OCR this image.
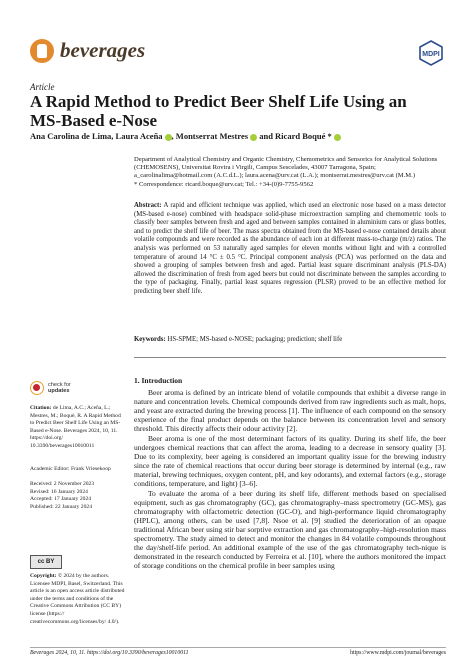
beverages	MDPI
Article
A Rapid Method to Predict Beer Shelf Life Using an MS-Based e-Nose
Ana Carolina de Lima, Laura Aceña , Montserrat Mestres and Ricard Boqué *
Department of Analytical Chemistry and Organic Chemistry, Chemometrics and Sensorics for Analytical Solutions (CHEMOSENS), Universitat Rovira i Virgili, Campus Sescelades, 43007 Tarragona, Spain; a_carolinalima@hotmail.com (A.C.d.L.); laura.acena@urv.cat (L.A.); montserrat.mestres@urv.cat (M.M.)
* Correspondence: ricard.boque@urv.cat; Tel.: +34-(0)9-7755-9562
Abstract: A rapid and efficient technique was applied, which used an electronic nose based on a mass detector (MS-based e-nose) combined with headspace solid-phase microextraction sampling and chemometric tools to classify beer samples between fresh and aged and between samples contained in aluminium cans or glass bottles, and to predict the shelf life of beer. The mass spectra obtained from the MS-based e-nose contained details about volatile compounds and were recorded as the abundance of each ion at different mass-to-charge (m/z) ratios. The analysis was performed on 53 naturally aged samples for eleven months without light and with a controlled temperature of around 14 °C ± 0.5 °C. Principal component analysis (PCA) was performed on the data and showed a grouping of samples between fresh and aged. Partial least square discriminant analysis (PLS-DA) allowed the discrimination of fresh from aged beers but could not discriminate between the samples according to the type of packaging. Finally, partial least squares regression (PLSR) proved to be an effective method for predicting beer shelf life.
Keywords: HS-SPME; MS-based e-NOSE; packaging; prediction; shelf life
check for
updates
Citation: de Lima, A.C.; Aceña, L.; Mestres, M.; Boqué, R. A Rapid Method to Predict Beer Shelf Life Using an MS-Based e-Nose. Beverages 2024, 10, 11. https://doi.org/ 10.3390/beverages10010011
Academic Editor: Frank Vriesekoop
Received: 2 November 2023
Revised: 16 January 2024
Accepted: 17 January 2024
Published: 22 January 2024
cc BY
Copyright: © 2024 by the authors. Licensee MDPI, Basel, Switzerland. This article is an open access article distributed under the terms and conditions of the Creative Commons Attribution (CC BY) license (https:// creativecommons.org/licenses/by/ 4.0/).
1. Introduction

Beer aroma is defined by an intricate blend of volatile compounds that exhibit a diverse range in nature and concentration levels. Chemical compounds derived from raw ingredients such as malt, hops, and yeast are extracted during the brewing process [1]. The influence of each compound on the sensory experience of the final product depends on the balance between its concentration level and sensory threshold. This directly affects their odour activity [2].

Beer aroma is one of the most determinant factors of its quality. During its shelf life, the beer undergoes chemical reactions that can affect the aroma, leading to a decrease in sensory quality [3]. Due to its complexity, beer ageing is considered an important quality issue for the brewing industry since the rate of chemical reactions that occur during beer storage is determined by internal (e.g., raw material, brewing techniques, oxygen content, pH, and key odorants), and external factors (e.g., storage conditions, temperature, and light) [3–6].

To evaluate the aroma of a beer during its shelf life, different methods based on specialised equipment, such as gas chromatography (GC), gas chromatography–mass spectrometry (GC-MS), gas chromatography with olfactometric detection (GC-O), and high-performance liquid chromatography (HPLC), among others, can be used [7,8]. Nsoe et al. [9] studied the deterioration of an opaque traditional African beer using stir bar sorptive extraction and gas chromatography–high-resolution mass spectrometry. The study aimed to detect and monitor the changes in 84 volatile compounds throughout the day/shelf-life period. An additional example of the use of the gas chromatography tech-nique is demonstrated in the research conducted by Ferreira et al. [10], where the authors monitored the impact of storage conditions on the chemical profile in beer samples using

Beverages 2024, 10, 11. https://doi.org/10.3390/beverages10010011	https://www.mdpi.com/journal/beverages
